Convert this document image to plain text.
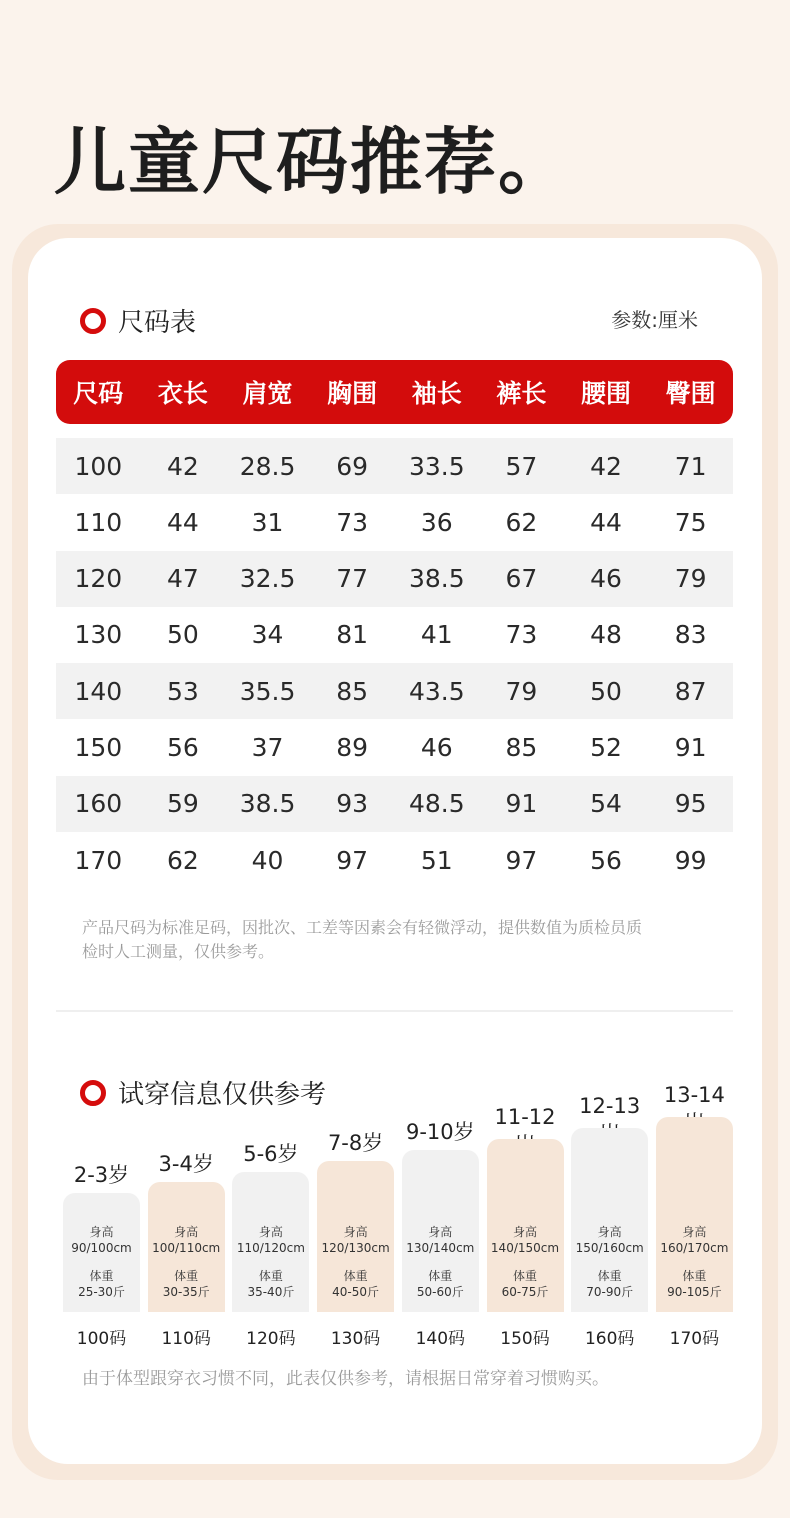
儿童尺码推荐。
尺码表	参数:厘米
尺码	衣长	肩宽	胸围	袖长	裤长	腰围	臀围
100	42	28.5	69	33.5	57	42	71
110	44	31	73	36	62	44	75
120	47	32.5	77	38.5	67	46	79
130	50	34	81	41	73	48	83
140	53	35.5	85	43.5	79	50	87
150	56	37	89	46	85	52	91
160	59	38.5	93	48.5	91	54	95
170	62	40	97	51	97	56	99
产品尺码为标准足码，因批次、工差等因素会有轻微浮动，提供数值为质检员质
检时人工测量，仅供参考。
试穿信息仅供参考
2-3岁
身高
90/100cm
体重
25-30斤
100码
3-4岁
身高
100/110cm
体重
30-35斤
110码
5-6岁
身高
110/120cm
体重
35-40斤
120码
7-8岁
身高
120/130cm
体重
40-50斤
130码
9-10岁
身高
130/140cm
体重
50-60斤
140码
11-12
身高
140/150cm
体重
60-75斤
150码
12-13
身高
150/160cm
体重
70-90斤
160码
13-14
身高
160/170cm
体重
90-105斤
170码
由于体型跟穿衣习惯不同，此表仅供参考，请根据日常穿着习惯购买。
